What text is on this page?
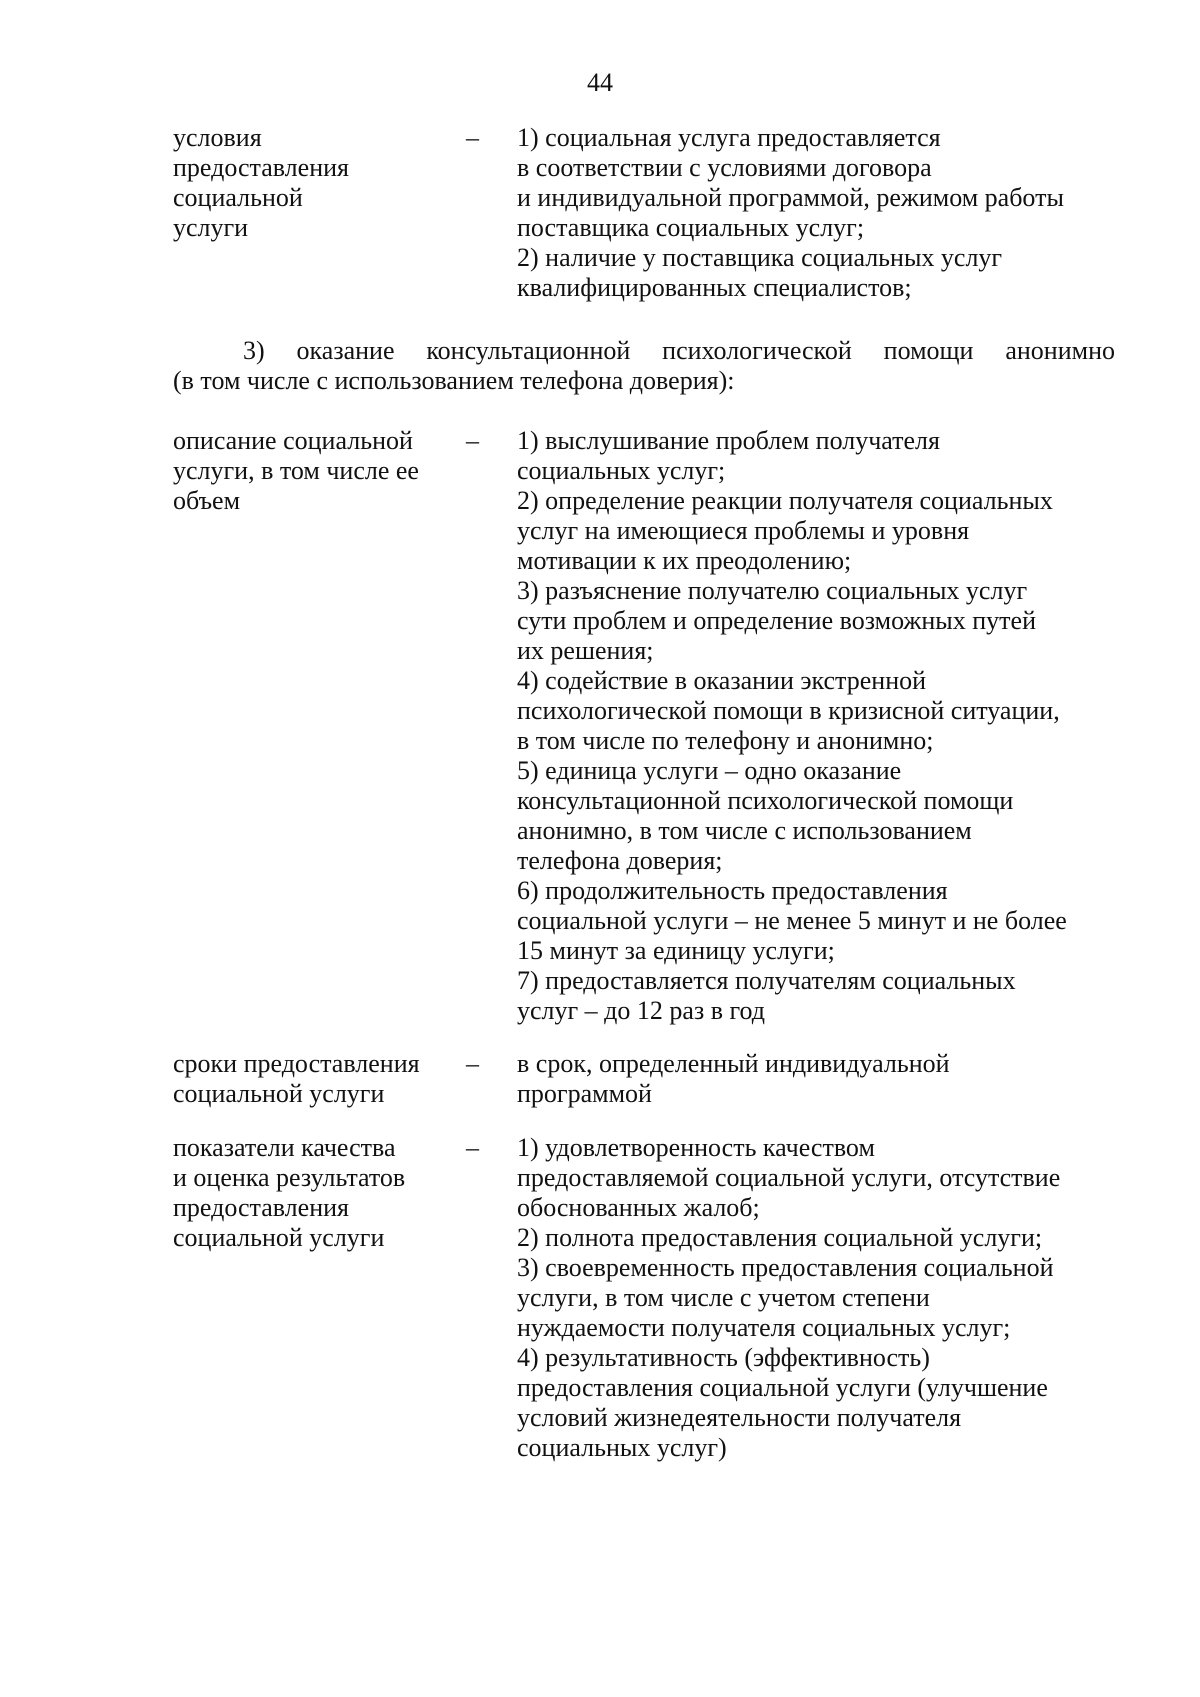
44
условия
предоставления
социальной
услуги
– 1) социальная услуга предоставляется
в соответствии с условиями договора
и индивидуальной программой, режимом работы
поставщика социальных услуг;
2) наличие у поставщика социальных услуг
квалифицированных специалистов;
3) оказание консультационной психологической помощи анонимно
(в том числе с использованием телефона доверия):
описание социальной
услуги, в том числе ее
объем
– 1) выслушивание проблем получателя
социальных услуг;
2) определение реакции получателя социальных
услуг на имеющиеся проблемы и уровня
мотивации к их преодолению;
3) разъяснение получателю социальных услуг
сути проблем и определение возможных путей
их решения;
4) содействие в оказании экстренной
психологической помощи в кризисной ситуации,
в том числе по телефону и анонимно;
5) единица услуги – одно оказание
консультационной психологической помощи
анонимно, в том числе с использованием
телефона доверия;
6) продолжительность предоставления
социальной услуги – не менее 5 минут и не более
15 минут за единицу услуги;
7) предоставляется получателям социальных
услуг – до 12 раз в год
сроки предоставления
социальной услуги
– в срок, определенный индивидуальной
программой
показатели качества
и оценка результатов
предоставления
социальной услуги
– 1) удовлетворенность качеством
предоставляемой социальной услуги, отсутствие
обоснованных жалоб;
2) полнота предоставления социальной услуги;
3) своевременность предоставления социальной
услуги, в том числе с учетом степени
нуждаемости получателя социальных услуг;
4) результативность (эффективность)
предоставления социальной услуги (улучшение
условий жизнедеятельности получателя
социальных услуг)
